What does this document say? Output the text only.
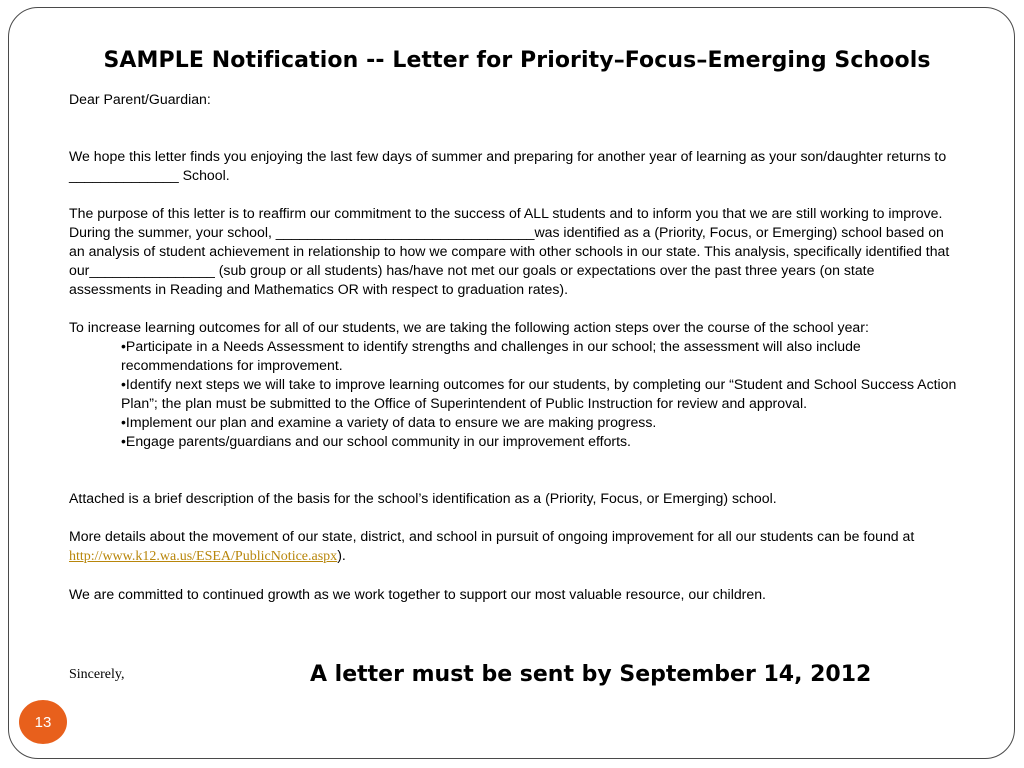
SAMPLE Notification -- Letter for Priority–Focus–Emerging Schools

Dear Parent/Guardian:

We hope this letter finds you enjoying the last few days of summer and preparing for another year of learning as your son/daughter returns to ______________ School.

The purpose of this letter is to reaffirm our commitment to the success of ALL students and to inform you that we are still working to improve. During the summer, your school, _________________________________was identified as a (Priority, Focus, or Emerging) school based on an analysis of student achievement in relationship to how we compare with other schools in our state. This analysis, specifically identified that our________________ (sub group or all students) has/have not met our goals or expectations over the past three years (on state assessments in Reading and Mathematics OR with respect to graduation rates).

To increase learning outcomes for all of our students, we are taking the following action steps over the course of the school year:

•Participate in a Needs Assessment to identify strengths and challenges in our school; the assessment will also include recommendations for improvement.
•Identify next steps we will take to improve learning outcomes for our students, by completing our “Student and School Success Action Plan”; the plan must be submitted to the Office of Superintendent of Public Instruction for review and approval.
•Implement our plan and examine a variety of data to ensure we are making progress.
•Engage parents/guardians and our school community in our improvement efforts.

Attached is a brief description of the basis for the school’s identification as a (Priority, Focus, or Emerging) school.

More details about the movement of our state, district, and school in pursuit of ongoing improvement for all our students can be found at http://www.k12.wa.us/ESEA/PublicNotice.aspx).

We are committed to continued growth as we work together to support our most valuable resource, our children.

Sincerely,	A letter must be sent by September 14, 2012
13
